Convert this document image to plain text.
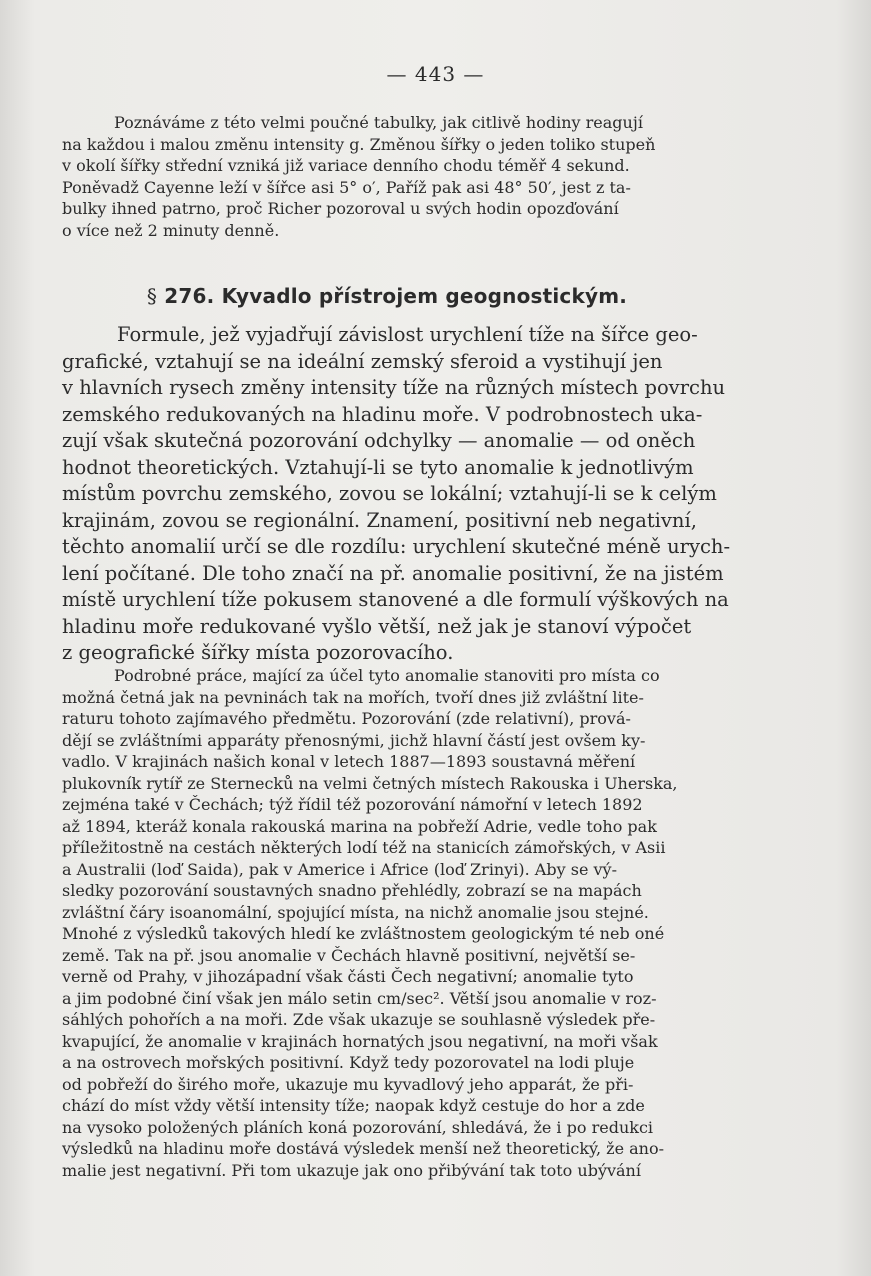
— 443 —

Poznáváme z této velmi poučné tabulky, jak citlivě hodiny reagují
na každou i malou změnu intensity g. Změnou šířky o jeden toliko stupeň
v okolí šířky střední vzniká již variace denního chodu téměř 4 sekund.
Poněvadž Cayenne leží v šířce asi 5° o′, Paříž pak asi 48° 50′, jest z ta-
bulky ihned patrno, proč Richer pozoroval u svých hodin opozďování
o více než 2 minuty denně.

§ 276. Kyvadlo přístrojem geognostickým.

Formule, jež vyjadřují závislost urychlení tíže na šířce geo-
grafické, vztahují se na ideální zemský sferoid a vystihují jen
v hlavních rysech změny intensity tíže na různých místech povrchu
zemského redukovaných na hladinu moře. V podrobnostech uka-
zují však skutečná pozorování odchylky — anomalie — od oněch
hodnot theoretických. Vztahují-li se tyto anomalie k jednotlivým
místům povrchu zemského, zovou se lokální; vztahují-li se k celým
krajinám, zovou se regionální. Znamení, positivní neb negativní,
těchto anomalií určí se dle rozdílu: urychlení skutečné méně urych-
lení počítané. Dle toho značí na př. anomalie positivní, že na jistém
místě urychlení tíže pokusem stanovené a dle formulí výškových na
hladinu moře redukované vyšlo větší, než jak je stanoví výpočet
z geografické šířky místa pozorovacího.

Podrobné práce, mající za účel tyto anomalie stanoviti pro místa co
možná četná jak na pevninách tak na mořích, tvoří dnes již zvláštní lite-
raturu tohoto zajímavého předmětu. Pozorování (zde relativní), prová-
dějí se zvláštními apparáty přenosnými, jichž hlavní částí jest ovšem ky-
vadlo. V krajinách našich konal v letech 1887—1893 soustavná měření
plukovník rytíř ze Sternecků na velmi četných místech Rakouska i Uherska,
zejména také v Čechách; týž řídil též pozorování námořní v letech 1892
až 1894, kteráž konala rakouská marina na pobřeží Adrie, vedle toho pak
příležitostně na cestách některých lodí též na stanicích zámořských, v Asii
a Australii (loď Saida), pak v Americe i Africe (loď Zrinyi). Aby se vý-
sledky pozorování soustavných snadno přehlédly, zobrazí se na mapách
zvláštní čáry isoanomální, spojující místa, na nichž anomalie jsou stejné.
Mnohé z výsledků takových hledí ke zvláštnostem geologickým té neb oné
země. Tak na př. jsou anomalie v Čechách hlavně positivní, největší se-
verně od Prahy, v jihozápadní však části Čech negativní; anomalie tyto
a jim podobné činí však jen málo setin cm/sec². Větší jsou anomalie v roz-
sáhlých pohořích a na moři. Zde však ukazuje se souhlasně výsledek pře-
kvapující, že anomalie v krajinách hornatých jsou negativní, na moři však
a na ostrovech mořských positivní. Když tedy pozorovatel na lodi pluje
od pobřeží do širého moře, ukazuje mu kyvadlový jeho apparát, že při-
chází do míst vždy větší intensity tíže; naopak když cestuje do hor a zde
na vysoko položených pláních koná pozorování, shledává, že i po redukci
výsledků na hladinu moře dostává výsledek menší než theoretický, že ano-
malie jest negativní. Při tom ukazuje jak ono přibývání tak toto ubývání
